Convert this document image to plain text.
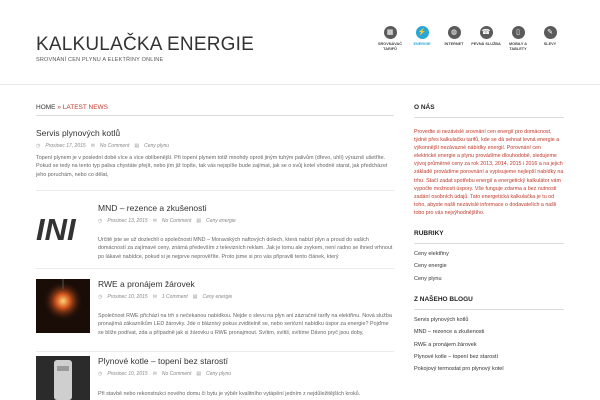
KALKULAČKA ENERGIE
SROVNÁNÍ CEN PLYNU A ELEKTŘINY ONLINE
▦
SROVNÁVAČ TARIFŮ
⚡
ENERGIE
◍
INTERNET
☎
PEVNÁ SLUŽBA
▯
MOBILY A TABLETY
✎
SLEVY
HOME » LATEST NEWS
Servis plynových kotlů
◷ Prosinec 17, 2015 ✉ No Comment ▤ Ceny plynu
Topení plynem je v poslední době více a více oblíbenější. Při topení plynem totiž mnohdy oproti jiným tuhým palivům (dřevo, uhlí) výrazně ušetříte. Pokud se tedy na tento typ paliva chystáte přejít, nebo jím již topíte, tak vás nejspíše bude zajímat, jak se o svůj kotel vhodně starat, jak předcházet jeho poruchám, nebo co dělat,
INI
MND – rezence a zkušenosti
◷ Prosinec 13, 2015 ✉ No Comment ▤ Ceny energie
Určitě jste se už dozlechli o společnosti MND – Moravských naftových dolech, která nabízí plyn a proud do vašich domácností za zajímavé ceny, známá především z televizních reklam. Jak je tomu ale zvykem, není radno se ihned vrhnout po lákavé nabídce, pokud si je nejprve neprověříte. Proto jsme si pro vás připravili tento článek, který
RWE a pronájem žárovek
◷ Prosinec 10, 2015 ✉ 1 Comment ▤ Ceny energie
Společnost RWE přichází na trh s nečekanou nabídkou. Nejde o slevu na plyn ani zázračné tarify na elektřinu. Nová služba pronajímá zákazníkům LED žárovky. Jde o bláznivý pokus zviditelnit se, nebo seriózní nabídku úspor za energie? Pojďme se blíže podívat, zda a případně jak si žárovku u RWE pronajmout. Svítim, svítili, svítíme Dávno pryč jsou doby,
Plynové kotle – topení bez starostí
◷ Prosinec 10, 2015 ✉ No Comment ▤ Ceny plynu
Při stavbě nebo rekonstrukci nového domu či bytu je výběr kvalitního vytápění jedním z nejdůležitějších kroků.
O NÁS
Provedte si nezávislé srovnání cen energií pro domácnost, týdně přes kalkulačku tarifů, kde se dá sehnat levná energie a výkonnější nezávazné nábídky energií. Porovnání cen elektrické energie a plynu provádíme dlouhodobě, sledujeme vývoj průměrné ceny za rok 2013, 2014, 2015 i 2016 a na jejich základě provádíme porovnání a vypisujeme nejlepší nabídky na trhu. Stačí zadat spotřebu energií a energetický kalkulátor vám vypočte možnosti úspory. Vše funguje zdarma a bez nutnosti zadání osobních údajů. Tato energetická kalkulačka je tu od toho, abyste našli nezávislé informace o dodavatelích a našli tobo pro vás nejvýhodnějšího.
RUBRIKY
Ceny elektřiny
Ceny energie
Ceny plynu
Z NAŠEHO BLOGU
Servis plynových kotlů
MND – rezence a zkušenosti
RWE a pronájem žárovek
Plynové kotle – topení bez starostí
Pokojový termostat pro plynový kotel
